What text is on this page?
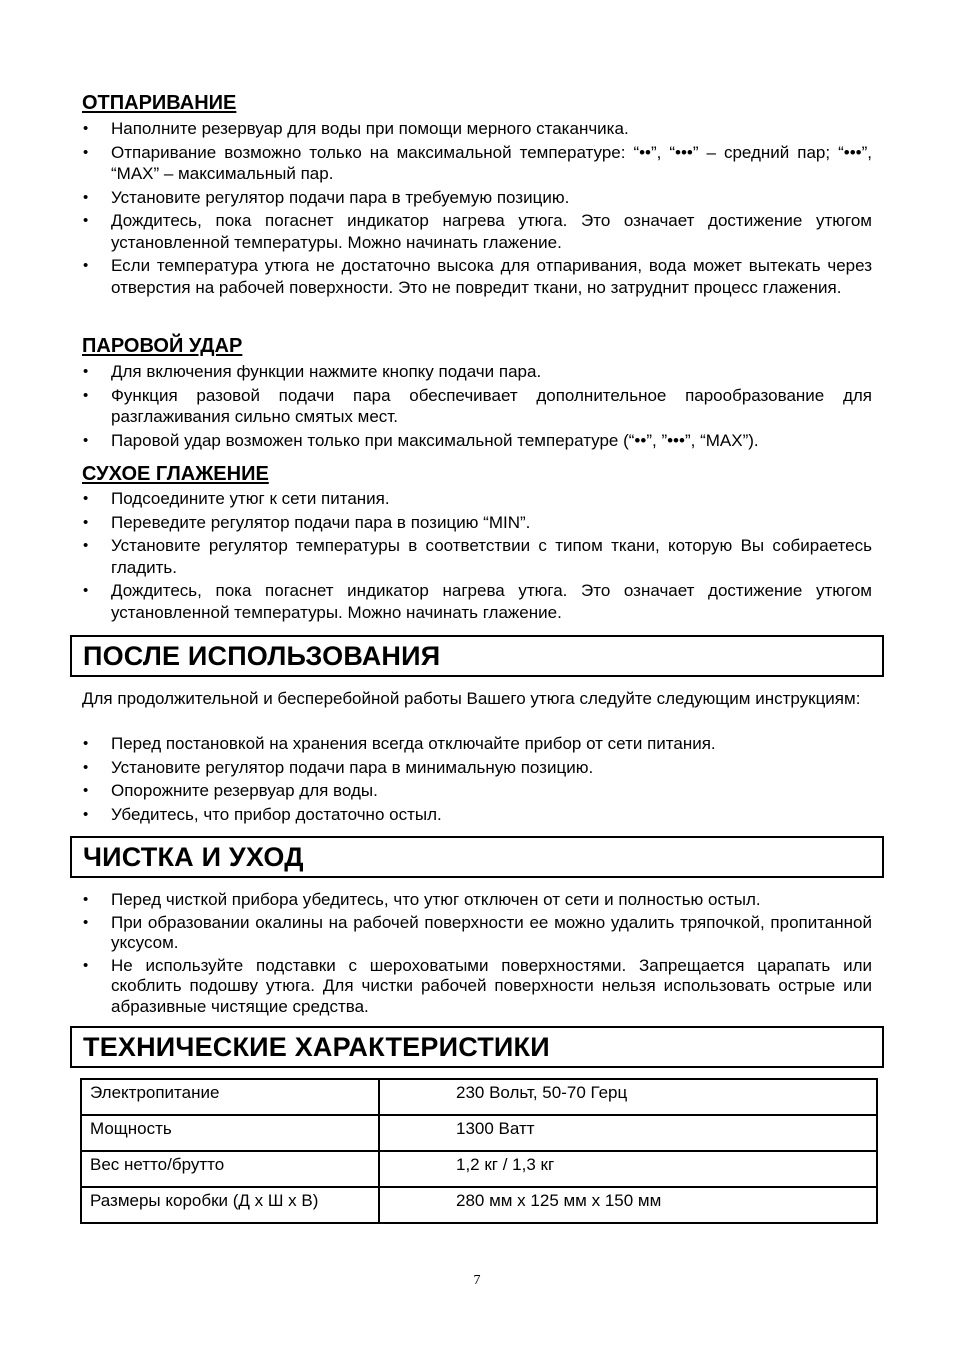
ОТПАРИВАНИЕ
• Наполните резервуар для воды при помощи мерного стаканчика.
• Отпаривание возможно только на максимальной температуре: “••”, “•••” – средний пар; “•••”, “MAX” – максимальный пар.
• Установите регулятор подачи пара в требуемую позицию.
• Дождитесь, пока погаснет индикатор нагрева утюга. Это означает достижение утюгом установленной температуры. Можно начинать глажение.
• Если температура утюга не достаточно высока для отпаривания, вода может вытекать через отверстия на рабочей поверхности. Это не повредит ткани, но затруднит процесс глажения.
ПАРОВОЙ УДАР
• Для включения функции нажмите кнопку подачи пара.
• Функция разовой подачи пара обеспечивает дополнительное парообразование для разглаживания сильно смятых мест.
• Паровой удар возможен только при максимальной температуре (“••”, ”•••”, “MAX”).
СУХОЕ ГЛАЖЕНИЕ
• Подсоедините утюг к сети питания.
• Переведите регулятор подачи пара в позицию “MIN”.
• Установите регулятор температуры в соответствии с типом ткани, которую Вы собираетесь гладить.
• Дождитесь, пока погаснет индикатор нагрева утюга. Это означает достижение утюгом установленной температуры. Можно начинать глажение.
ПОСЛЕ ИСПОЛЬЗОВАНИЯ

Для продолжительной и бесперебойной работы Вашего утюга следуйте следующим инструкциям:

• Перед постановкой на хранения всегда отключайте прибор от сети питания.
• Установите регулятор подачи пара в минимальную позицию.
• Опорожните резервуар для воды.
• Убедитесь, что прибор достаточно остыл.
ЧИСТКА И УХОД
• Перед чисткой прибора убедитесь, что утюг отключен от сети и полностью остыл.
• При образовании окалины на рабочей поверхности ее можно удалить тряпочкой, пропитанной уксусом.
• Не используйте подставки с шероховатыми поверхностями. Запрещается царапать или скоблить подошву утюга. Для чистки рабочей поверхности нельзя использовать острые или абразивные чистящие средства.
ТЕХНИЧЕСКИЕ ХАРАКТЕРИСТИКИ
Электропитание	230 Вольт, 50-70 Герц
Мощность	1300 Ватт
Вес нетто/брутто	1,2 кг / 1,3 кг
Размеры коробки (Д х Ш х В)	280 мм х 125 мм х 150 мм
7
